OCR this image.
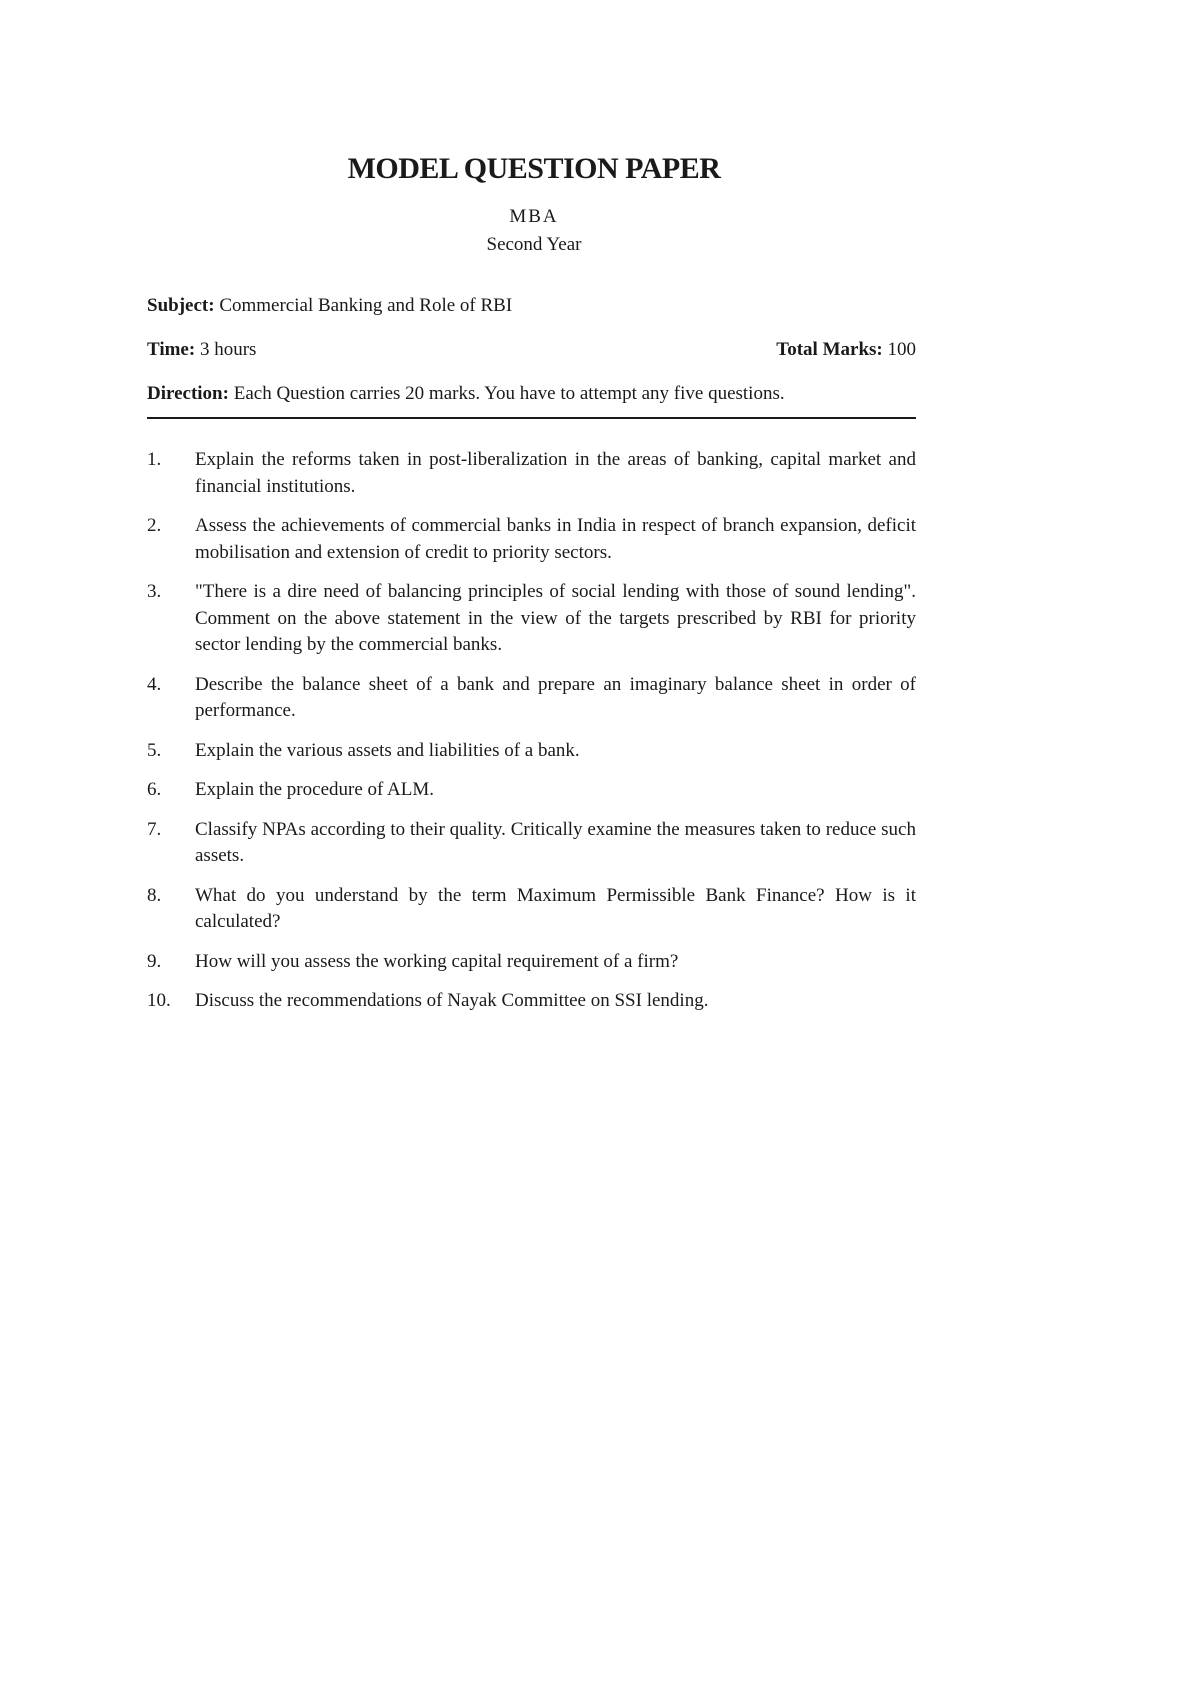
MODEL QUESTION PAPER
MBA
Second Year
Subject: Commercial Banking and Role of RBI
Time: 3 hours	Total Marks: 100
Direction: Each Question carries 20 marks. You have to attempt any five questions.
1.	Explain the reforms taken in post-liberalization in the areas of banking, capital market and financial institutions.
2.	Assess the achievements of commercial banks in India in respect of branch expansion, deficit mobilisation and extension of credit to priority sectors.
3.	"There is a dire need of balancing principles of social lending with those of sound lending". Comment on the above statement in the view of the targets prescribed by RBI for priority sector lending by the commercial banks.
4.	Describe the balance sheet of a bank and prepare an imaginary balance sheet in order of performance.
5.	Explain the various assets and liabilities of a bank.
6.	Explain the procedure of ALM.
7.	Classify NPAs according to their quality. Critically examine the measures taken to reduce such assets.
8.	What do you understand by the term Maximum Permissible Bank Finance? How is it calculated?
9.	How will you assess the working capital requirement of a firm?
10.	Discuss the recommendations of Nayak Committee on SSI lending.
